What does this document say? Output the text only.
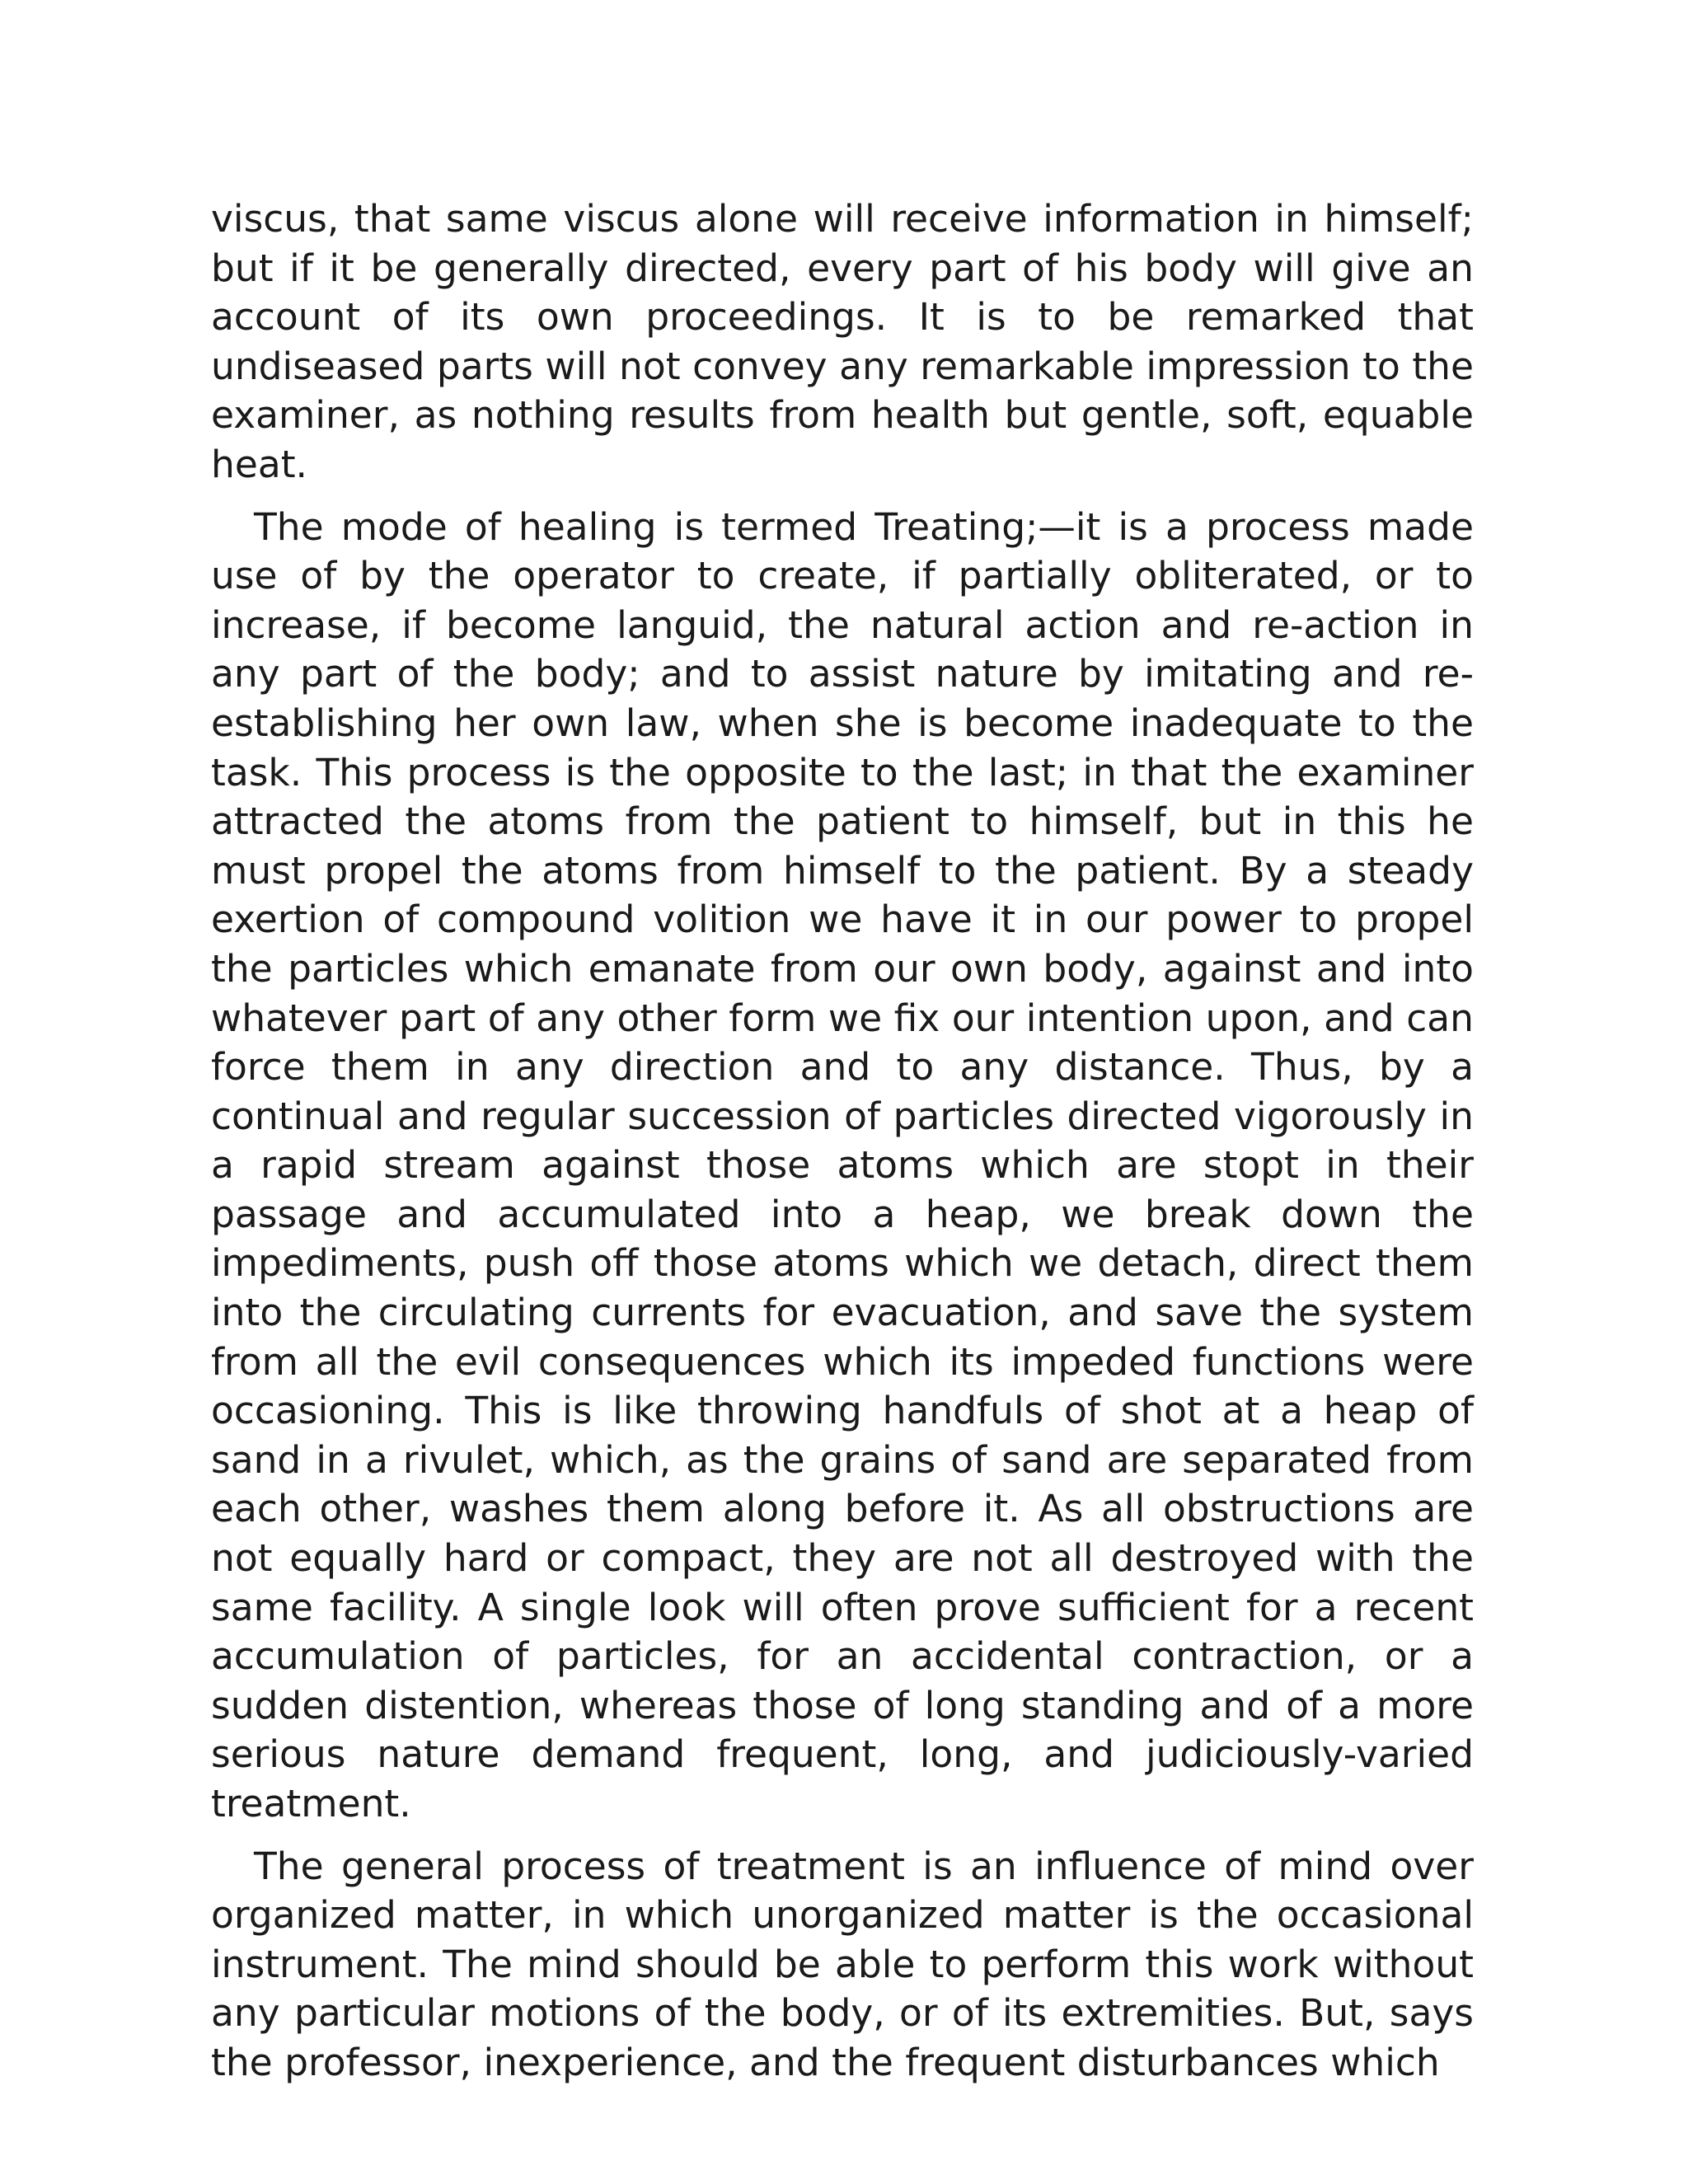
viscus, that same viscus alone will receive information in himself; but if it be generally directed, every part of his body will give an account of its own proceedings. It is to be remarked that undiseased parts will not convey any remarkable impression to the examiner, as nothing results from health but gentle, soft, equable heat.

The mode of healing is termed Treating;—it is a process made use of by the operator to create, if partially obliterated, or to increase, if become languid, the natural action and re-action in any part of the body; and to assist nature by imitating and re-establishing her own law, when she is become inadequate to the task. This process is the opposite to the last; in that the examiner attracted the atoms from the patient to himself, but in this he must propel the atoms from himself to the patient. By a steady exertion of compound volition we have it in our power to propel the particles which emanate from our own body, against and into whatever part of any other form we fix our intention upon, and can force them in any direction and to any distance. Thus, by a continual and regular succession of particles directed vigorously in a rapid stream against those atoms which are stopt in their passage and accumulated into a heap, we break down the impediments, push off those atoms which we detach, direct them into the circulating currents for evacuation, and save the system from all the evil consequences which its impeded functions were occasioning. This is like throwing handfuls of shot at a heap of sand in a rivulet, which, as the grains of sand are separated from each other, washes them along before it. As all obstructions are not equally hard or compact, they are not all destroyed with the same facility. A single look will often prove sufficient for a recent accumulation of particles, for an accidental contraction, or a sudden distention, whereas those of long standing and of a more serious nature demand frequent, long, and judiciously-varied treatment.

The general process of treatment is an influence of mind over organized matter, in which unorganized matter is the occasional instrument. The mind should be able to perform this work without any particular motions of the body, or of its extremities. But, says the professor, inexperience, and the frequent disturbances which
